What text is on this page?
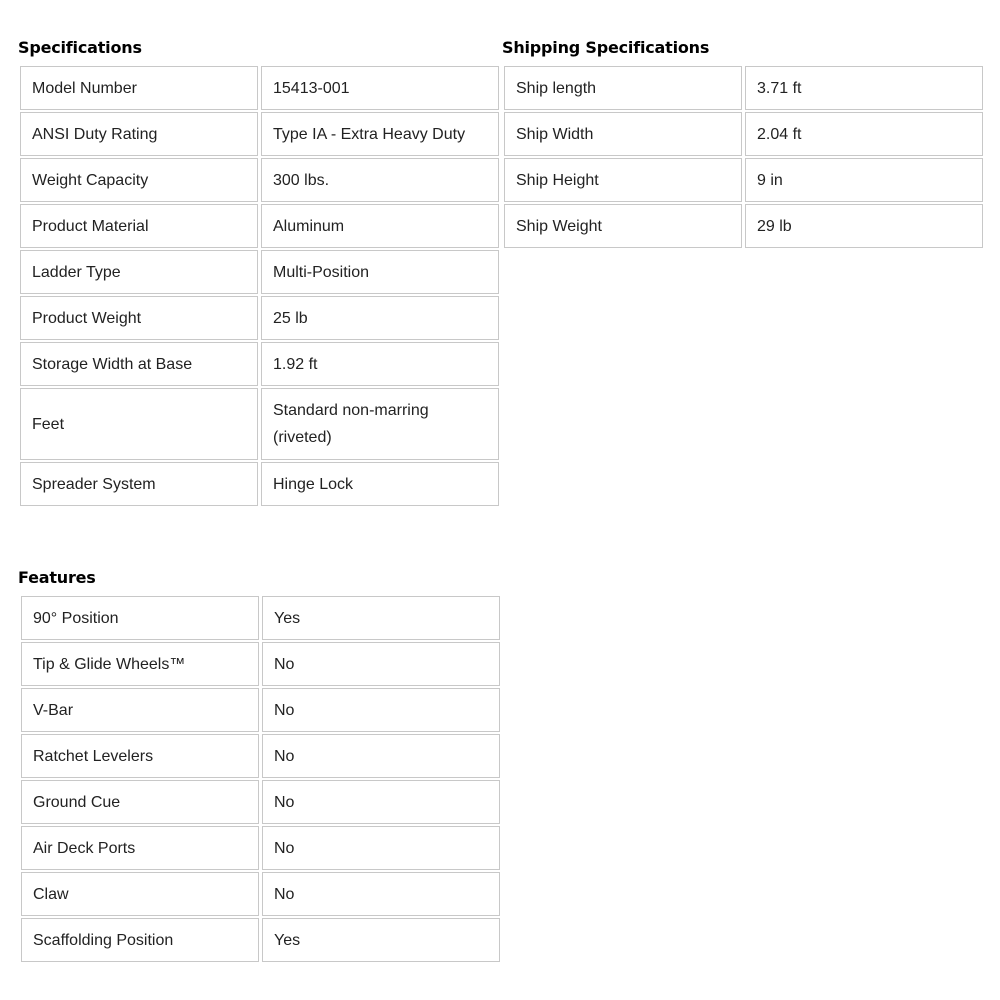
Specifications
Model Number	15413-001
ANSI Duty Rating	Type IA - Extra Heavy Duty
Weight Capacity	300 lbs.
Product Material	Aluminum
Ladder Type	Multi-Position
Product Weight	25 lb
Storage Width at Base	1.92 ft
Feet	Standard non-marring (riveted)
Spreader System	Hinge Lock
Shipping Specifications
Ship length	3.71 ft
Ship Width	2.04 ft
Ship Height	9 in
Ship Weight	29 lb
Features
90° Position	Yes
Tip & Glide Wheels™	No
V-Bar	No
Ratchet Levelers	No
Ground Cue	No
Air Deck Ports	No
Claw	No
Scaffolding Position	Yes
